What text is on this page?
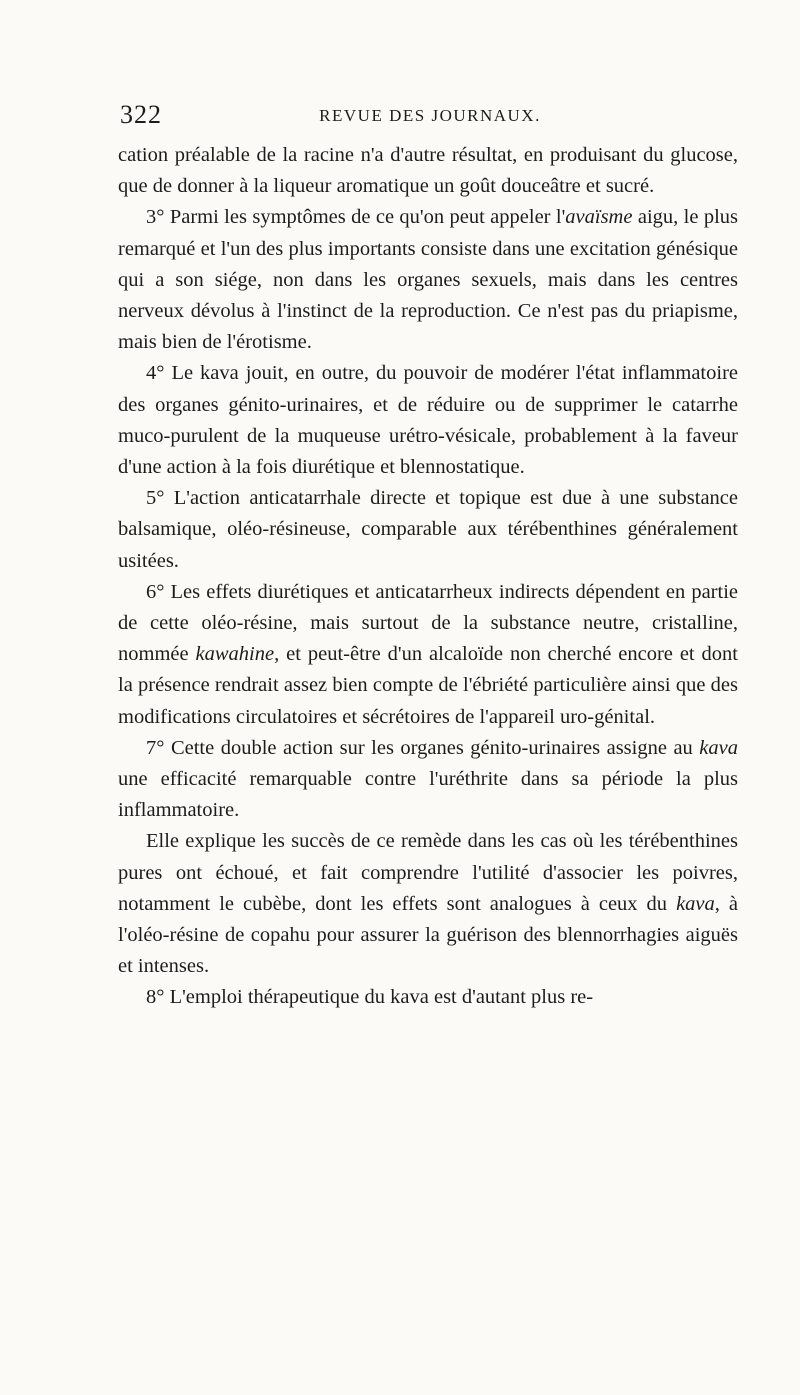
322	REVUE DES JOURNAUX.

cation préalable de la racine n'a d'autre résultat, en produisant du glucose, que de donner à la liqueur aromatique un goût douceâtre et sucré.

3° Parmi les symptômes de ce qu'on peut appeler l'avaïsme aigu, le plus remarqué et l'un des plus importants consiste dans une excitation génésique qui a son siége, non dans les organes sexuels, mais dans les centres nerveux dévolus à l'instinct de la reproduction. Ce n'est pas du priapisme, mais bien de l'érotisme.

4° Le kava jouit, en outre, du pouvoir de modérer l'état inflammatoire des organes génito-urinaires, et de réduire ou de supprimer le catarrhe muco-purulent de la muqueuse urétro-vésicale, probablement à la faveur d'une action à la fois diurétique et blennostatique.

5° L'action anticatarrhale directe et topique est due à une substance balsamique, oléo-résineuse, comparable aux térébenthines généralement usitées.

6° Les effets diurétiques et anticatarrheux indirects dépendent en partie de cette oléo-résine, mais surtout de la substance neutre, cristalline, nommée kawahine, et peut-être d'un alcaloïde non cherché encore et dont la présence rendrait assez bien compte de l'ébriété particulière ainsi que des modifications circulatoires et sécrétoires de l'appareil uro-génital.

7° Cette double action sur les organes génito-urinaires assigne au kava une efficacité remarquable contre l'uréthrite dans sa période la plus inflammatoire.

Elle explique les succès de ce remède dans les cas où les térébenthines pures ont échoué, et fait comprendre l'utilité d'associer les poivres, notamment le cubèbe, dont les effets sont analogues à ceux du kava, à l'oléo-résine de copahu pour assurer la guérison des blennorrhagies aiguës et intenses.

8° L'emploi thérapeutique du kava est d'autant plus re-
